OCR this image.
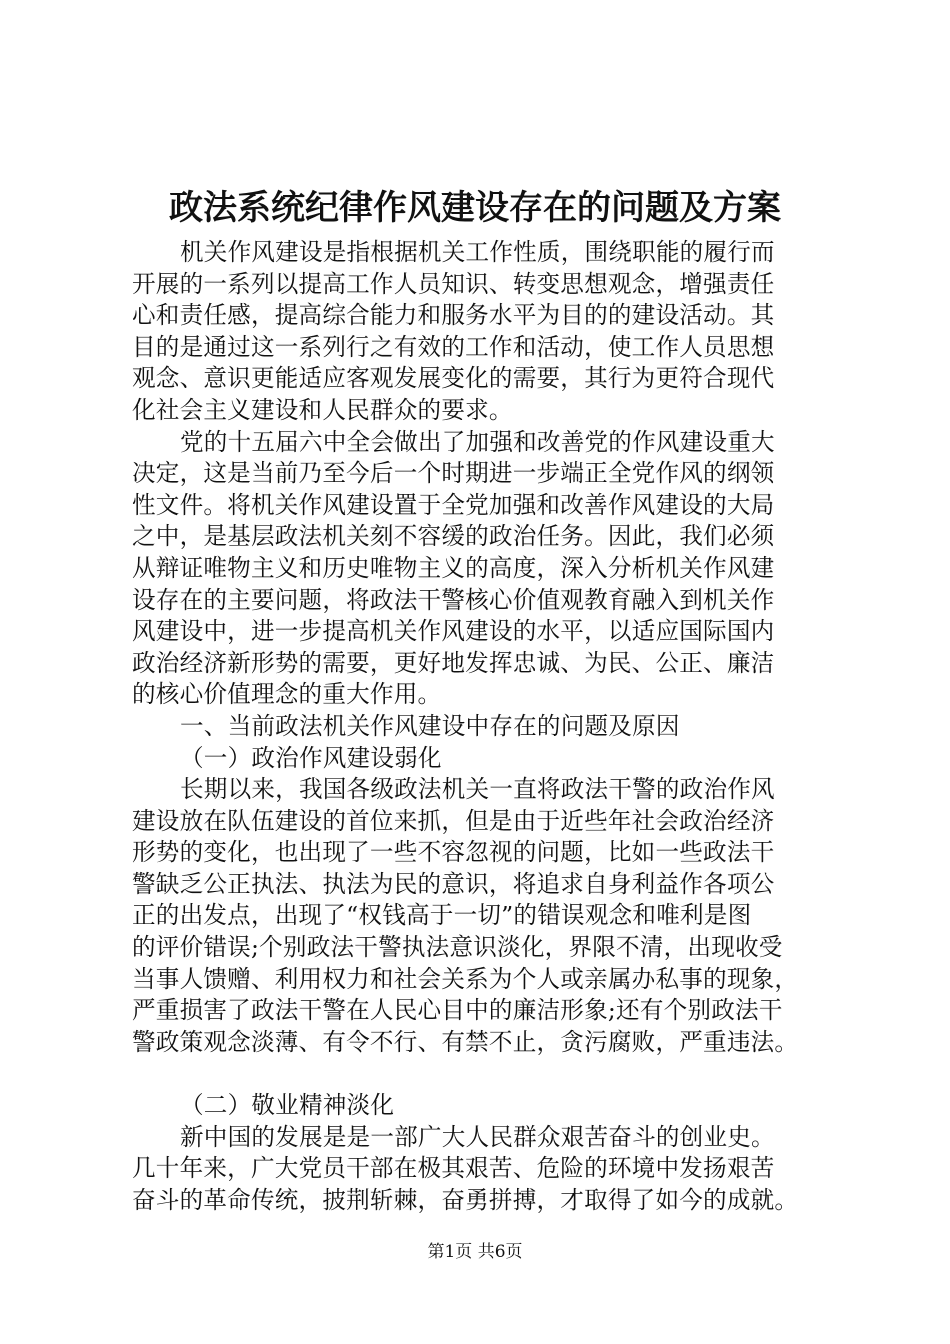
政法系统纪律作风建设存在的问题及方案
机关作风建设是指根据机关工作性质，围绕职能的履行而
开展的一系列以提高工作人员知识、转变思想观念，增强责任
心和责任感，提高综合能力和服务水平为目的的建设活动。其
目的是通过这一系列行之有效的工作和活动，使工作人员思想
观念、意识更能适应客观发展变化的需要，其行为更符合现代
化社会主义建设和人民群众的要求。
党的十五届六中全会做出了加强和改善党的作风建设重大
决定，这是当前乃至今后一个时期进一步端正全党作风的纲领
性文件。将机关作风建设置于全党加强和改善作风建设的大局
之中，是基层政法机关刻不容缓的政治任务。因此，我们必须
从辩证唯物主义和历史唯物主义的高度，深入分析机关作风建
设存在的主要问题，将政法干警核心价值观教育融入到机关作
风建设中，进一步提高机关作风建设的水平，以适应国际国内
政治经济新形势的需要，更好地发挥忠诚、为民、公正、廉洁
的核心价值理念的重大作用。
一、当前政法机关作风建设中存在的问题及原因
（一）政治作风建设弱化
长期以来，我国各级政法机关一直将政法干警的政治作风
建设放在队伍建设的首位来抓，但是由于近些年社会政治经济
形势的变化，也出现了一些不容忽视的问题，比如一些政法干
警缺乏公正执法、执法为民的意识，将追求自身利益作各项公
正的出发点，出现了“权钱高于一切”的错误观念和唯利是图
的评价错误;个别政法干警执法意识淡化，界限不清，出现收受
当事人馈赠、利用权力和社会关系为个人或亲属办私事的现象，
严重损害了政法干警在人民心目中的廉洁形象;还有个别政法干
警政策观念淡薄、有令不行、有禁不止，贪污腐败，严重违法。
（二）敬业精神淡化
新中国的发展是是一部广大人民群众艰苦奋斗的创业史。
几十年来，广大党员干部在极其艰苦、危险的环境中发扬艰苦
奋斗的革命传统，披荆斩棘，奋勇拼搏，才取得了如今的成就。
第1页 共6页
